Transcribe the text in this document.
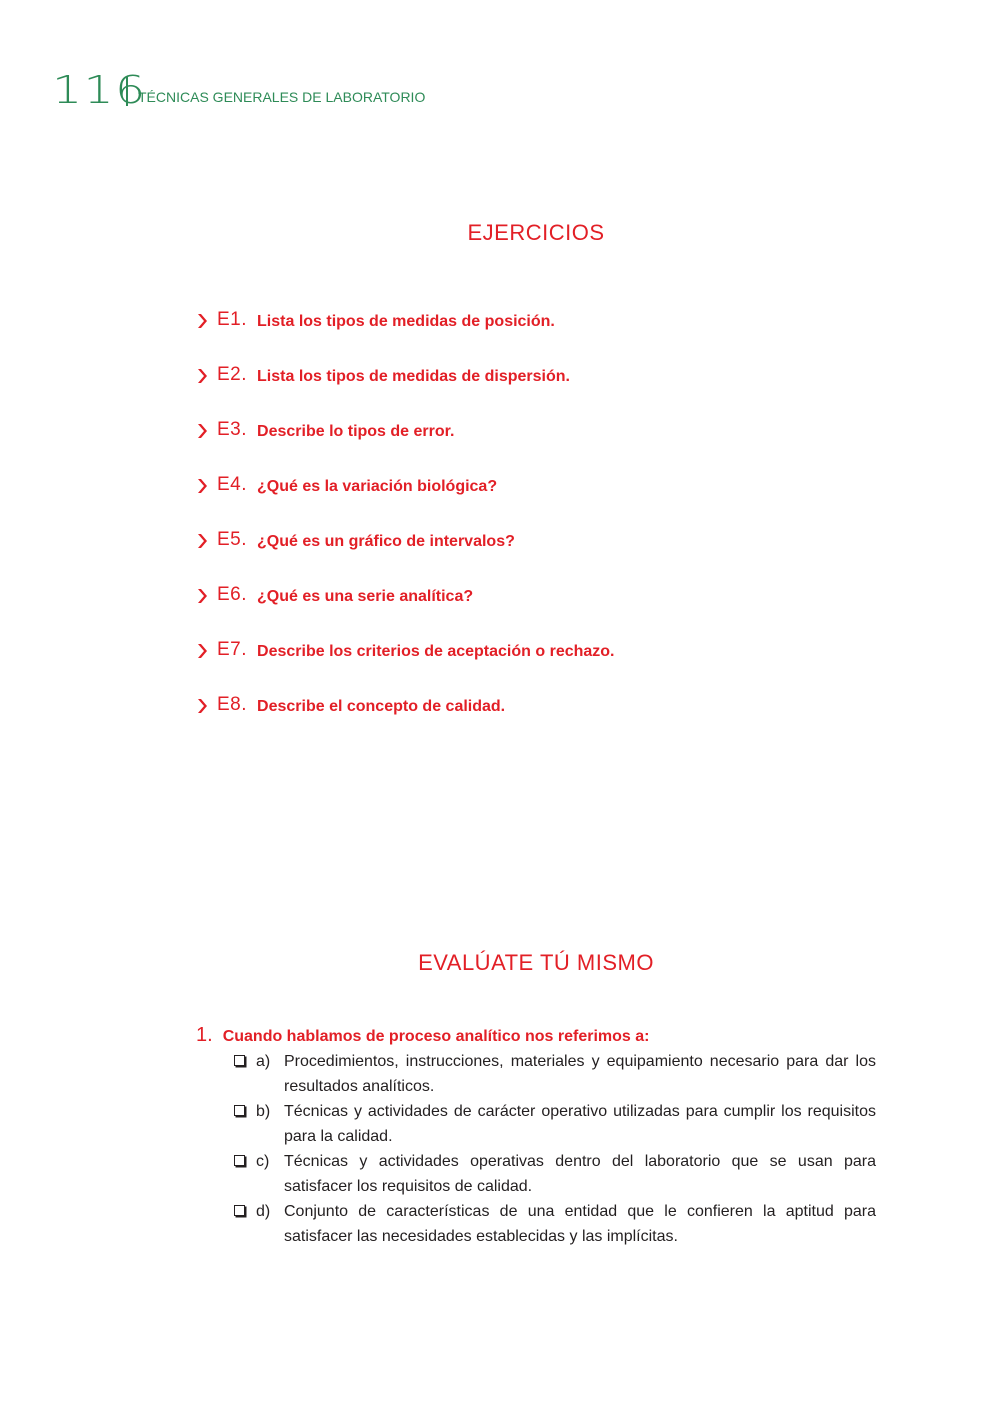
116
TÉCNICAS GENERALES DE LABORATORIO
EJERCICIOS
E1. Lista los tipos de medidas de posición.
E2. Lista los tipos de medidas de dispersión.
E3. Describe lo tipos de error.
E4. ¿Qué es la variación biológica?
E5. ¿Qué es un gráfico de intervalos?
E6. ¿Qué es una serie analítica?
E7. Describe los criterios de aceptación o rechazo.
E8. Describe el concepto de calidad.
EVALÚATE TÚ MISMO
1. Cuando hablamos de proceso analítico nos referimos a:
a) Procedimientos, instrucciones, materiales y equipamiento necesario para dar los resultados analíticos.
b) Técnicas y actividades de carácter operativo utilizadas para cumplir los requisitos para la calidad.
c) Técnicas y actividades operativas dentro del laboratorio que se usan para satisfacer los requisitos de calidad.
d) Conjunto de características de una entidad que le confieren la aptitud para satisfacer las necesidades establecidas y las implícitas.
